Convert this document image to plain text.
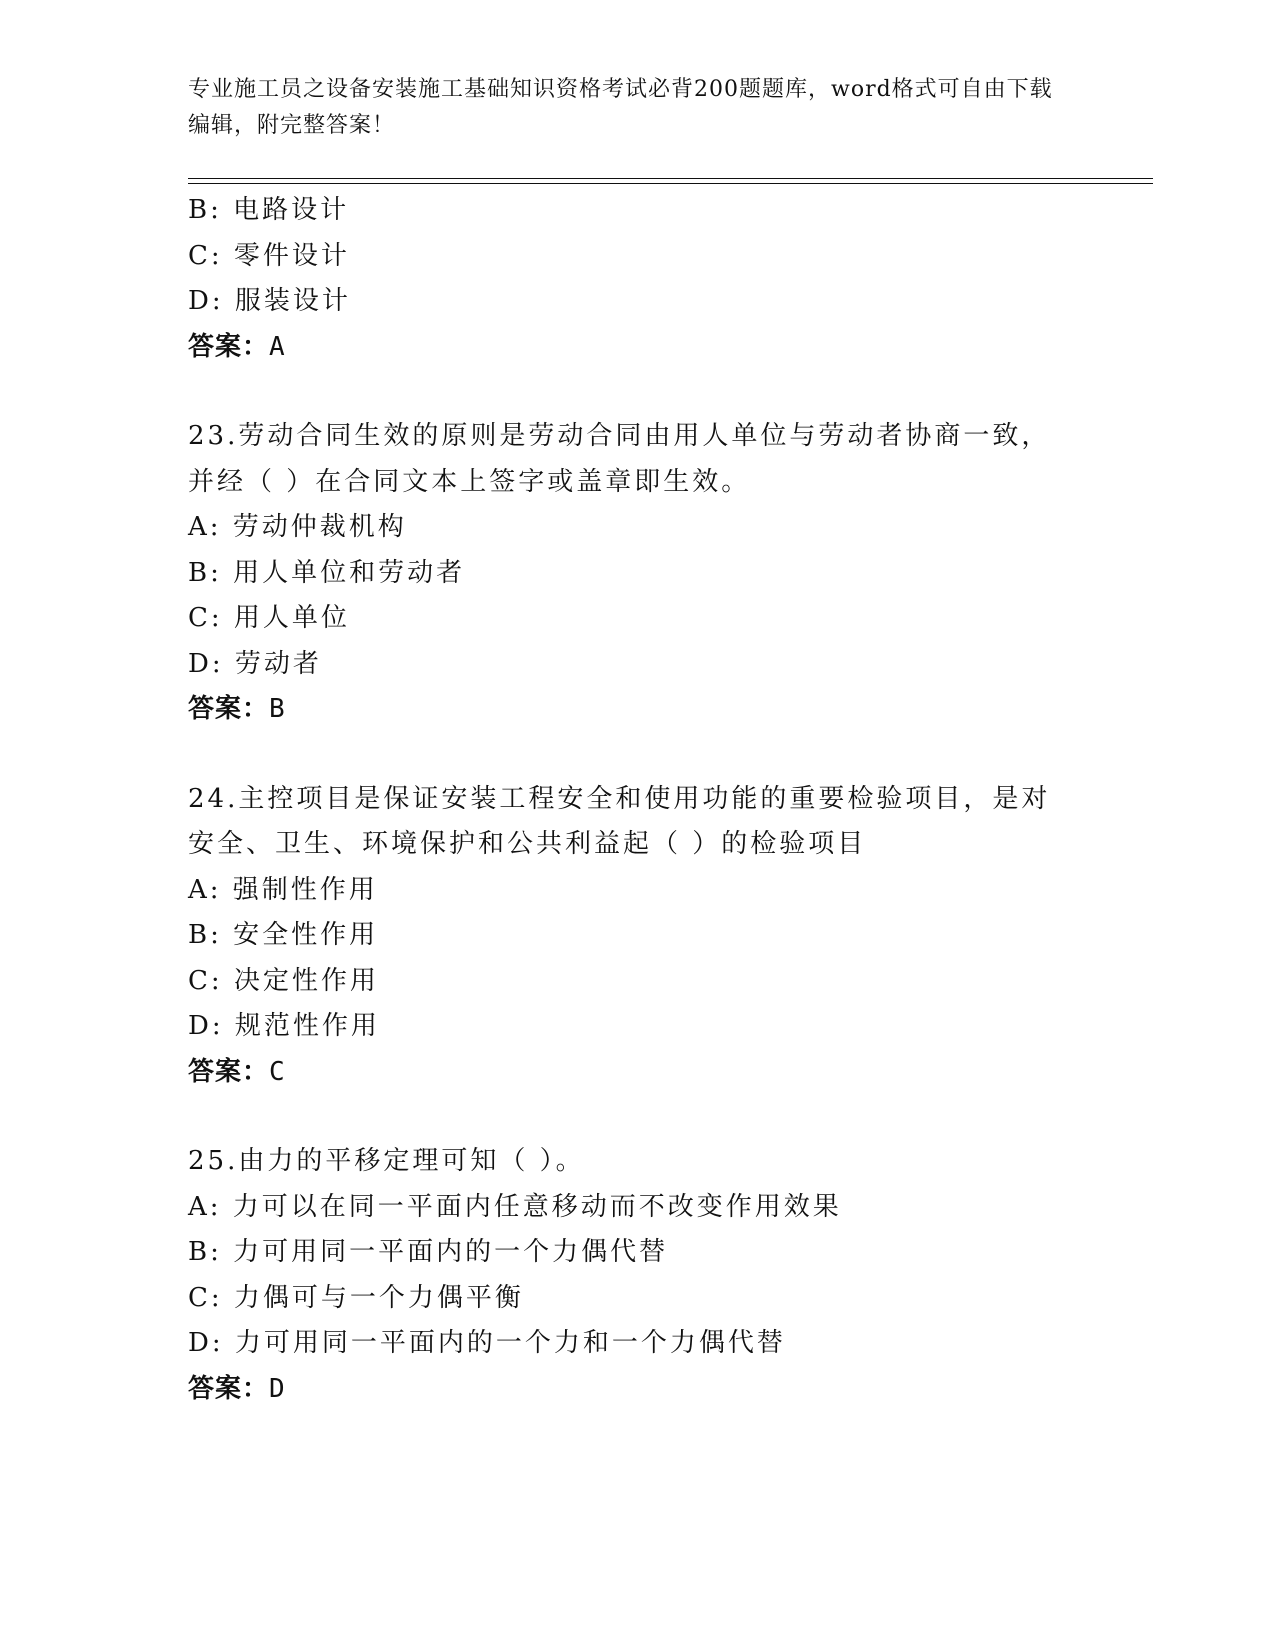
专业施工员之设备安装施工基础知识资格考试必背200题题库，word格式可自由下载编辑，附完整答案！
B: 电路设计
C: 零件设计
D: 服装设计
答案：A
23.劳动合同生效的原则是劳动合同由用人单位与劳动者协商一致，并经（ ）在合同文本上签字或盖章即生效。
A: 劳动仲裁机构
B: 用人单位和劳动者
C: 用人单位
D: 劳动者
答案：B
24.主控项目是保证安装工程安全和使用功能的重要检验项目，是对安全、卫生、环境保护和公共利益起（ ）的检验项目
A: 强制性作用
B: 安全性作用
C: 决定性作用
D: 规范性作用
答案：C
25.由力的平移定理可知（ ）。
A: 力可以在同一平面内任意移动而不改变作用效果
B: 力可用同一平面内的一个力偶代替
C: 力偶可与一个力偶平衡
D: 力可用同一平面内的一个力和一个力偶代替
答案：D
